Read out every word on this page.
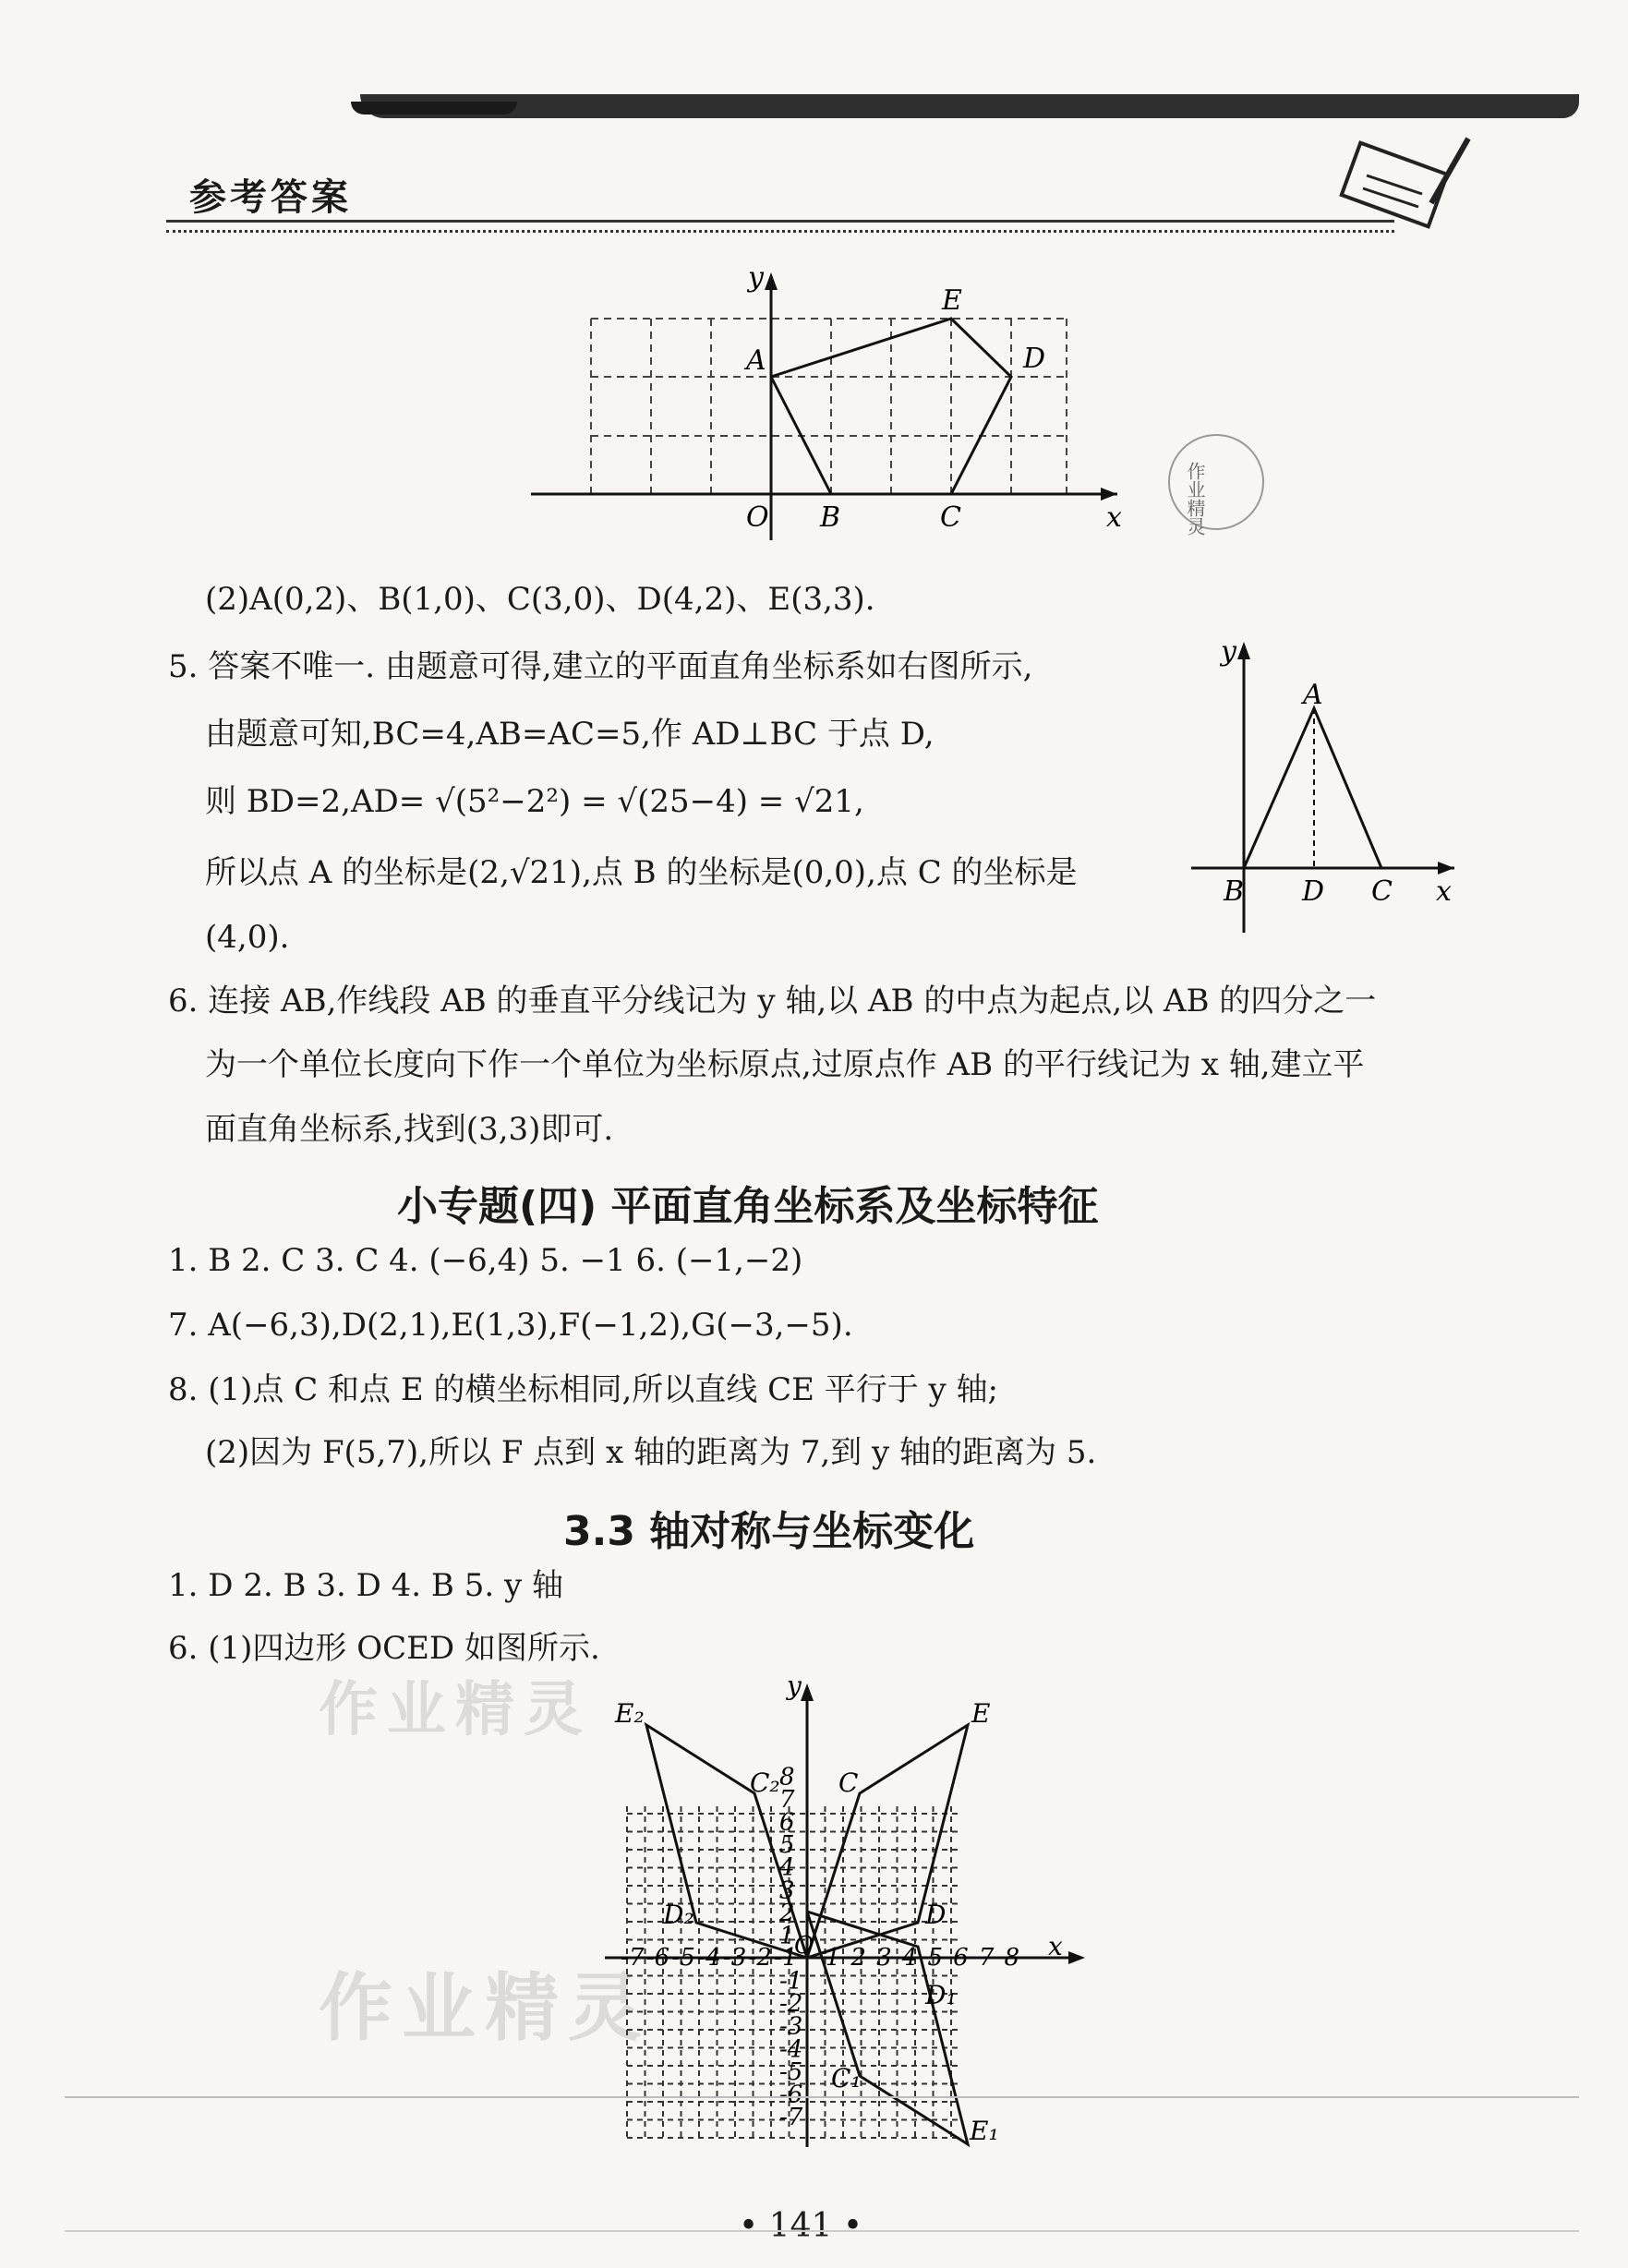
参考答案
y
x
O
A
B	C
D
E
作业精灵
(2)A(0,2)、B(1,0)、C(3,0)、D(4,2)、E(3,3).
5. 答案不唯一. 由题意可得,建立的平面直角坐标系如右图所示,
由题意可知,BC=4,AB=AC=5,作 AD⊥BC 于点 D,
则 BD=2,AD= √(5²−2²) = √(25−4) = √21,
所以点 A 的坐标是(2,√21),点 B 的坐标是(0,0),点 C 的坐标是
(4,0).
y
x
A
B D C
6. 连接 AB,作线段 AB 的垂直平分线记为 y 轴,以 AB 的中点为起点,以 AB 的四分之一
为一个单位长度向下作一个单位为坐标原点,过原点作 AB 的平行线记为 x 轴,建立平
面直角坐标系,找到(3,3)即可.
小专题(四) 平面直角坐标系及坐标特征
1. B 2. C 3. C 4. (−6,4) 5. −1 6. (−1,−2)
7. A(−6,3),D(2,1),E(1,3),F(−1,2),G(−3,−5).
8. (1)点 C 和点 E 的横坐标相同,所以直线 CE 平行于 y 轴;
(2)因为 F(5,7),所以 F 点到 x 轴的距离为 7,到 y 轴的距离为 5.
3.3 轴对称与坐标变化
1. D 2. B 3. D 4. B 5. y 轴
6. (1)四边形 OCED 如图所示.
作业精灵
作业精灵
-7 -6 -5 -4 -3 -2 -1 1 2 3 4 5 6 7 8
8
7
6
5
4
3
2
1
-1
-2
-3
-4
-5
-6
-7
y
x
O
E
C
D
E₁
C₁
D₁
E₂
C₂
D₂
• 141 •
